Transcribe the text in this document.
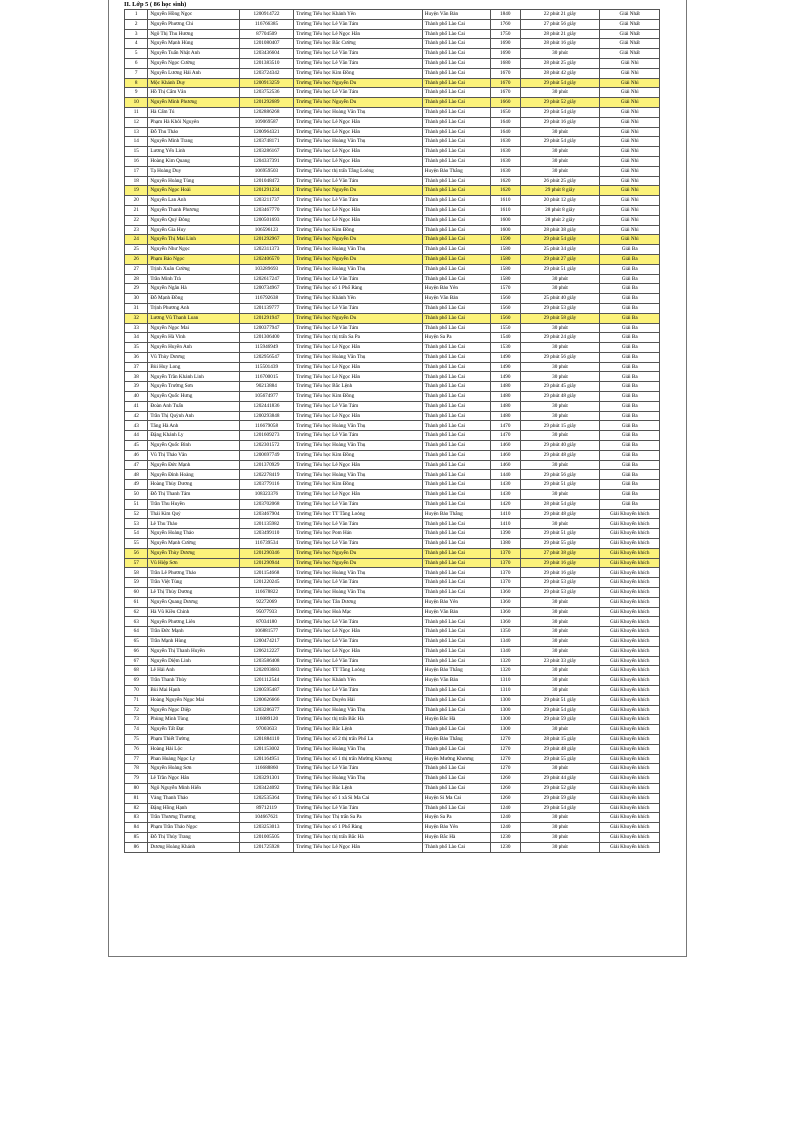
II. Lớp 5 ( 86 học sinh)
1	Nguyễn Hồng Ngọc	1200914722	Trường Tiểu học Khánh Yên	Huyện Văn Bàn	1840	22 phút 21 giây	Giải Nhất
2	Nguyễn Phương Chi	116766385	Trường Tiểu học Lê Văn Tám	Thành phố Lào Cai	1760	27 phút 56 giây	Giải Nhất
3	Ngô Thị Thu Hương	87704509	Trường Tiểu học Lê Ngọc Hân	Thành phố Lào Cai	1750	28 phút 21 giây	Giải Nhất
4	Nguyễn Mạnh Hùng	1201080407	Trường Tiểu học Bắc Cường	Thành phố Lào Cai	1690	28 phút 16 giây	Giải Nhất
5	Nguyễn Tuấn Nhật Anh	1203436604	Trường Tiểu học Lê Văn Tám	Thành phố Lào Cai	1690	30 phút	Giải Nhất
6	Nguyễn Ngọc Cường	1201383510	Trường Tiểu học Lê Văn Tám	Thành phố Lào Cai	1680	28 phút 25 giây	Giải Nhì
7	Nguyễn Lương Hải Anh	1203724342	Trường Tiểu học Kim Đồng	Thành phố Lào Cai	1670	28 phút 42 giây	Giải Nhì
8	Mộc Khánh Duy	1200913259	Trường Tiểu học Nguyễn Du	Thành phố Lào Cai	1670	29 phút 54 giây	Giải Nhì
9	Hồ Thị Cẩm Vân	1203752536	Trường Tiểu học Lê Văn Tám	Thành phố Lào Cai	1670	30 phút	Giải Nhì
10	Nguyễn Minh Phương	1201292689	Trường Tiểu học Nguyễn Du	Thành phố Lào Cai	1660	29 phút 52 giây	Giải Nhì
11	Hà Cẩm Tú	1202886268	Trường Tiểu học Hoàng Văn Thụ	Thành phố Lào Cai	1650	29 phút 54 giây	Giải Nhì
12	Phạm Hà Khôi Nguyên	109069587	Trường Tiểu học Lê Ngọc Hân	Thành phố Lào Cai	1640	29 phút 16 giây	Giải Nhì
13	Đỗ Thu Thảo	1200964321	Trường Tiểu học Lê Ngọc Hân	Thành phố Lào Cai	1640	30 phút	Giải Nhì
14	Nguyễn Minh Trang	1203748171	Trường Tiểu học Hoàng Văn Thụ	Thành phố Lào Cai	1630	29 phút 54 giây	Giải Nhì
15	Lương Yến Linh	1203286167	Trường Tiểu học Lê Ngọc Hân	Thành phố Lào Cai	1630	30 phút	Giải Nhì
16	Hoàng Kim Quang	1204337391	Trường Tiểu học Lê Ngọc Hân	Thành phố Lào Cai	1630	30 phút	Giải Nhì
17	Tạ Hoàng Duy	106959503	Trường Tiểu học thị trấn Tằng Loỏng	Huyện Bảo Thắng	1630	30 phút	Giải Nhì
18	Nguyễn Hoàng Tùng	1201048472	Trường Tiểu học Lê Văn Tám	Thành phố Lào Cai	1620	26 phút 25 giây	Giải Nhì
19	Nguyễn Ngọc Hoài	1201291234	Trường Tiểu học Nguyễn Du	Thành phố Lào Cai	1620	29 phút 8 giây	Giải Nhì
20	Nguyễn Lan Anh	1203211737	Trường Tiểu học Lê Văn Tám	Thành phố Lào Cai	1610	20 phút 12 giây	Giải Nhì
21	Nguyễn Thanh Phương	1203467770	Trường Tiểu học Lê Ngọc Hân	Thành phố Lào Cai	1610	28 phút 8 giây	Giải Nhì
22	Nguyễn Quý Đông	1200501693	Trường Tiểu học Lê Ngọc Hân	Thành phố Lào Cai	1600	28 phút 2 giây	Giải Nhì
23	Nguyễn Gia Huy	106596123	Trường Tiểu học Kim Đồng	Thành phố Lào Cai	1600	28 phút 38 giây	Giải Nhì
24	Nguyễn Thị Mai Linh	1201292967	Trường Tiểu học Nguyễn Du	Thành phố Lào Cai	1590	29 phút 54 giây	Giải Nhì
25	Nguyễn Như Ngọc	1202311373	Trường Tiểu học Hoàng Văn Thụ	Thành phố Lào Cai	1580	25 phút 34 giây	Giải Ba
26	Phạm Bảo Ngọc	1202406570	Trường Tiểu học Nguyễn Du	Thành phố Lào Cai	1580	29 phút 27 giây	Giải Ba
27	Trịnh Xuân Cường	103289693	Trường Tiểu học Hoàng Văn Thụ	Thành phố Lào Cai	1580	29 phút 51 giây	Giải Ba
28	Trần Minh Trà	1202617247	Trường Tiểu học Lê Văn Tám	Thành phố Lào Cai	1580	30 phút	Giải Ba
29	Nguyễn Ngân Hà	1200734967	Trường Tiểu học số 1 Phố Ràng	Huyện Bảo Yên	1570	30 phút	Giải Ba
30	Đỗ Mạnh Đồng	116792638	Trường Tiểu học Khánh Yên	Huyện Văn Bàn	1560	25 phút 40 giây	Giải Ba
31	Trịnh Phương Anh	1201139777	Trường Tiểu học Lê Văn Tám	Thành phố Lào Cai	1560	29 phút 53 giây	Giải Ba
32	Lương Vũ Thanh Loan	1201291947	Trường Tiểu học Nguyễn Du	Thành phố Lào Cai	1560	29 phút 58 giây	Giải Ba
33	Nguyễn Ngọc Mai	1200377947	Trường Tiểu học Lê Văn Tám	Thành phố Lào Cai	1550	30 phút	Giải Ba
34	Nguyễn Hà Vinh	1201306400	Trường Tiểu học thị trấn Sa Pa	Huyện Sa Pa	1540	29 phút 24 giây	Giải Ba
35	Nguyễn Huyền Anh	115946949	Trường Tiểu học Lê Ngọc Hân	Thành phố Lào Cai	1530	30 phút	Giải Ba
36	Vũ Thùy Dương	1202956547	Trường Tiểu học Hoàng Văn Thụ	Thành phố Lào Cai	1490	29 phút 56 giây	Giải Ba
37	Bùi Huy Long	115501439	Trường Tiểu học Lê Ngọc Hân	Thành phố Lào Cai	1490	30 phút	Giải Ba
38	Nguyễn Trần Khánh Linh	116700015	Trường Tiểu học Lê Ngọc Hân	Thành phố Lào Cai	1490	30 phút	Giải Ba
39	Nguyễn Trường Sơn	90213884	Trường Tiểu học Bắc Lệnh	Thành phố Lào Cai	1480	29 phút 45 giây	Giải Ba
40	Nguyễn Quốc Hưng	105674977	Trường Tiểu học Kim Đồng	Thành phố Lào Cai	1480	29 phút 48 giây	Giải Ba
41	Đoàn Anh Tuấn	1202441836	Trường Tiểu học Lê Văn Tám	Thành phố Lào Cai	1480	30 phút	Giải Ba
42	Trần Thị Quỳnh Anh	1200293848	Trường Tiểu học Lê Ngọc Hân	Thành phố Lào Cai	1480	30 phút	Giải Ba
43	Tăng Hà Anh	116679058	Trường Tiểu học Hoàng Văn Thụ	Thành phố Lào Cai	1470	29 phút 15 giây	Giải Ba
44	Đặng Khánh Ly	1201609273	Trường Tiểu học Lê Văn Tám	Thành phố Lào Cai	1470	30 phút	Giải Ba
45	Nguyễn Quốc Bình	1202301572	Trường Tiểu học Hoàng Văn Thụ	Thành phố Lào Cai	1460	29 phút 40 giây	Giải Ba
46	Vũ Thị Thảo Vân	1200697749	Trường Tiểu học Kim Đồng	Thành phố Lào Cai	1460	29 phút 48 giây	Giải Ba
47	Nguyễn Đức Mạnh	1201370929	Trường Tiểu học Lê Ngọc Hân	Thành phố Lào Cai	1460	30 phút	Giải Ba
48	Nguyễn Đình Hoàng	1202278419	Trường Tiểu học Hoàng Văn Thụ	Thành phố Lào Cai	1440	29 phút 56 giây	Giải Ba
49	Hoàng Thùy Dương	1203779116	Trường Tiểu học Kim Đồng	Thành phố Lào Cai	1430	29 phút 51 giây	Giải Ba
50	Đỗ Thị Thanh Tâm	108323376	Trường Tiểu học Lê Ngọc Hân	Thành phố Lào Cai	1430	30 phút	Giải Ba
51	Trần Thu Huyền	1203702068	Trường Tiểu học Lê Văn Tám	Thành phố Lào Cai	1420	28 phút 54 giây	Giải Ba
52	Thái Kim Quý	1203467904	Trường Tiểu học TT Tằng Loỏng	Huyện Bảo Thắng	1410	29 phút 48 giây	Giải Khuyến khích
53	Lê Thu Thảo	1201135982	Trường Tiểu học Lê Văn Tám	Thành phố Lào Cai	1410	30 phút	Giải Khuyến khích
54	Nguyễn Hoàng Thảo	1203499110	Trường Tiểu học Pom Hán	Thành phố Lào Cai	1390	29 phút 51 giây	Giải Khuyến khích
55	Nguyễn Mạnh Cường	116739534	Trường Tiểu học Lê Văn Tám	Thành phố Lào Cai	1380	29 phút 55 giây	Giải Khuyến khích
56	Nguyễn Thùy Dương	1201290346	Trường Tiểu học Nguyễn Du	Thành phố Lào Cai	1370	27 phút 38 giây	Giải Khuyến khích
57	Vũ Hiệp Sơn	1201290944	Trường Tiểu học Nguyễn Du	Thành phố Lào Cai	1370	29 phút 16 giây	Giải Khuyến khích
58	Trần Lê Phương Thảo	1201154668	Trường Tiểu học Hoàng Văn Thụ	Thành phố Lào Cai	1370	29 phút 16 giây	Giải Khuyến khích
59	Trần Việt Tùng	1201220245	Trường Tiểu học Lê Văn Tám	Thành phố Lào Cai	1370	29 phút 53 giây	Giải Khuyến khích
60	Lê Thị Thùy Dương	116678822	Trường Tiểu học Hoàng Văn Thụ	Thành phố Lào Cai	1360	29 phút 53 giây	Giải Khuyến khích
61	Nguyễn Quang Dương	92272069	Trường Tiểu học Tân Dương	Huyện Bảo Yên	1360	30 phút	Giải Khuyến khích
62	Hà Vũ Kiều Chinh	95077933	Trường Tiểu học Hoà Mạc	Huyện Văn Bàn	1360	30 phút	Giải Khuyến khích
63	Nguyễn Phương Liên	87034180	Trường Tiểu học Lê Văn Tám	Thành phố Lào Cai	1360	30 phút	Giải Khuyến khích
64	Trần Đức Mạnh	106881577	Trường Tiểu học Lê Ngọc Hân	Thành phố Lào Cai	1350	30 phút	Giải Khuyến khích
65	Trần Mạnh Hùng	1200474217	Trường Tiểu học Lê Văn Tám	Thành phố Lào Cai	1340	30 phút	Giải Khuyến khích
66	Nguyễn Thị Thanh Huyền	1206212227	Trường Tiểu học Lê Ngọc Hân	Thành phố Lào Cai	1340	30 phút	Giải Khuyến khích
67	Nguyễn Diệm Linh	1203586408	Trường Tiểu học Lê Văn Tám	Thành phố Lào Cai	1320	23 phút 33 giây	Giải Khuyến khích
68	Lê Hải Anh	1202093683	Trường Tiểu học TT Tằng Loỏng	Huyện Bảo Thắng	1320	30 phút	Giải Khuyến khích
69	Trần Thanh Thủy	1201112544	Trường Tiểu học Khánh Yên	Huyện Văn Bàn	1310	30 phút	Giải Khuyến khích
70	Bùi Mai Hạnh	1200595487	Trường Tiểu học Lê Văn Tám	Thành phố Lào Cai	1310	30 phút	Giải Khuyến khích
71	Hoàng Nguyễn Ngọc Mai	1200626666	Trường Tiểu học Duyên Hải	Thành phố Lào Cai	1300	29 phút 51 giây	Giải Khuyến khích
72	Nguyễn Ngọc Diệp	1203286377	Trường Tiểu học Hoàng Văn Thụ	Thành phố Lào Cai	1300	29 phút 54 giây	Giải Khuyến khích
73	Phùng Minh Tùng	116089120	Trường Tiểu học thị trấn Bắc Hà	Huyện Bắc Hà	1300	29 phút 59 giây	Giải Khuyến khích
74	Nguyễn Tất Đạt	97003633	Trường Tiểu học Bắc Lệnh	Thành phố Lào Cai	1300	30 phút	Giải Khuyến khích
75	Phạm Thiết Tường	1201884110	Trường Tiểu học số 2 thị trấn Phố Lu	Huyện Bảo Thắng	1270	28 phút 15 giây	Giải Khuyến khích
76	Hoàng Hải Lộc	1201153002	Trường Tiểu học Hoàng Văn Thụ	Thành phố Lào Cai	1270	29 phút 48 giây	Giải Khuyến khích
77	Phan Hoàng Ngọc Ly	1201164951	Trường Tiểu học số 1 thị trấn Mường Khương	Huyện Mường Khương	1270	29 phút 55 giây	Giải Khuyến khích
78	Nguyễn Hoàng Sơn	116688860	Trường Tiểu học Lê Văn Tám	Thành phố Lào Cai	1270	30 phút	Giải Khuyến khích
79	Lê Trần Ngọc Hân	1203291301	Trường Tiểu học Hoàng Văn Thụ	Thành phố Lào Cai	1260	29 phút 44 giây	Giải Khuyến khích
80	Ngô Nguyễn Minh Hiển	1203424092	Trường Tiểu học Bắc Lệnh	Thành phố Lào Cai	1260	29 phút 52 giây	Giải Khuyến khích
81	Vàng Thanh Thảo	1202535364	Trường Tiểu học số 1 xã Si Ma Cai	Huyện Si Ma Cai	1260	29 phút 59 giây	Giải Khuyến khích
82	Đặng Hồng Hạnh	89712119	Trường Tiểu học Lê Văn Tám	Thành phố Lào Cai	1240	29 phút 54 giây	Giải Khuyến khích
83	Trần Thương Thương	104667621	Trường Tiểu học Thị trấn Sa Pa	Huyện Sa Pa	1240	30 phút	Giải Khuyến khích
84	Phạm Trần Thảo Ngọc	1203253013	Trường Tiểu học số 1 Phố Ràng	Huyện Bảo Yên	1240	30 phút	Giải Khuyến khích
85	Đỗ Thị Thủy Trang	1201005505	Trường Tiểu học thị trấn Bắc Hà	Huyện Bắc Hà	1230	30 phút	Giải Khuyến khích
86	Dương Hoàng Khánh	1201725928	Trường Tiểu học Lê Ngọc Hân	Thành phố Lào Cai	1230	30 phút	Giải Khuyến khích
